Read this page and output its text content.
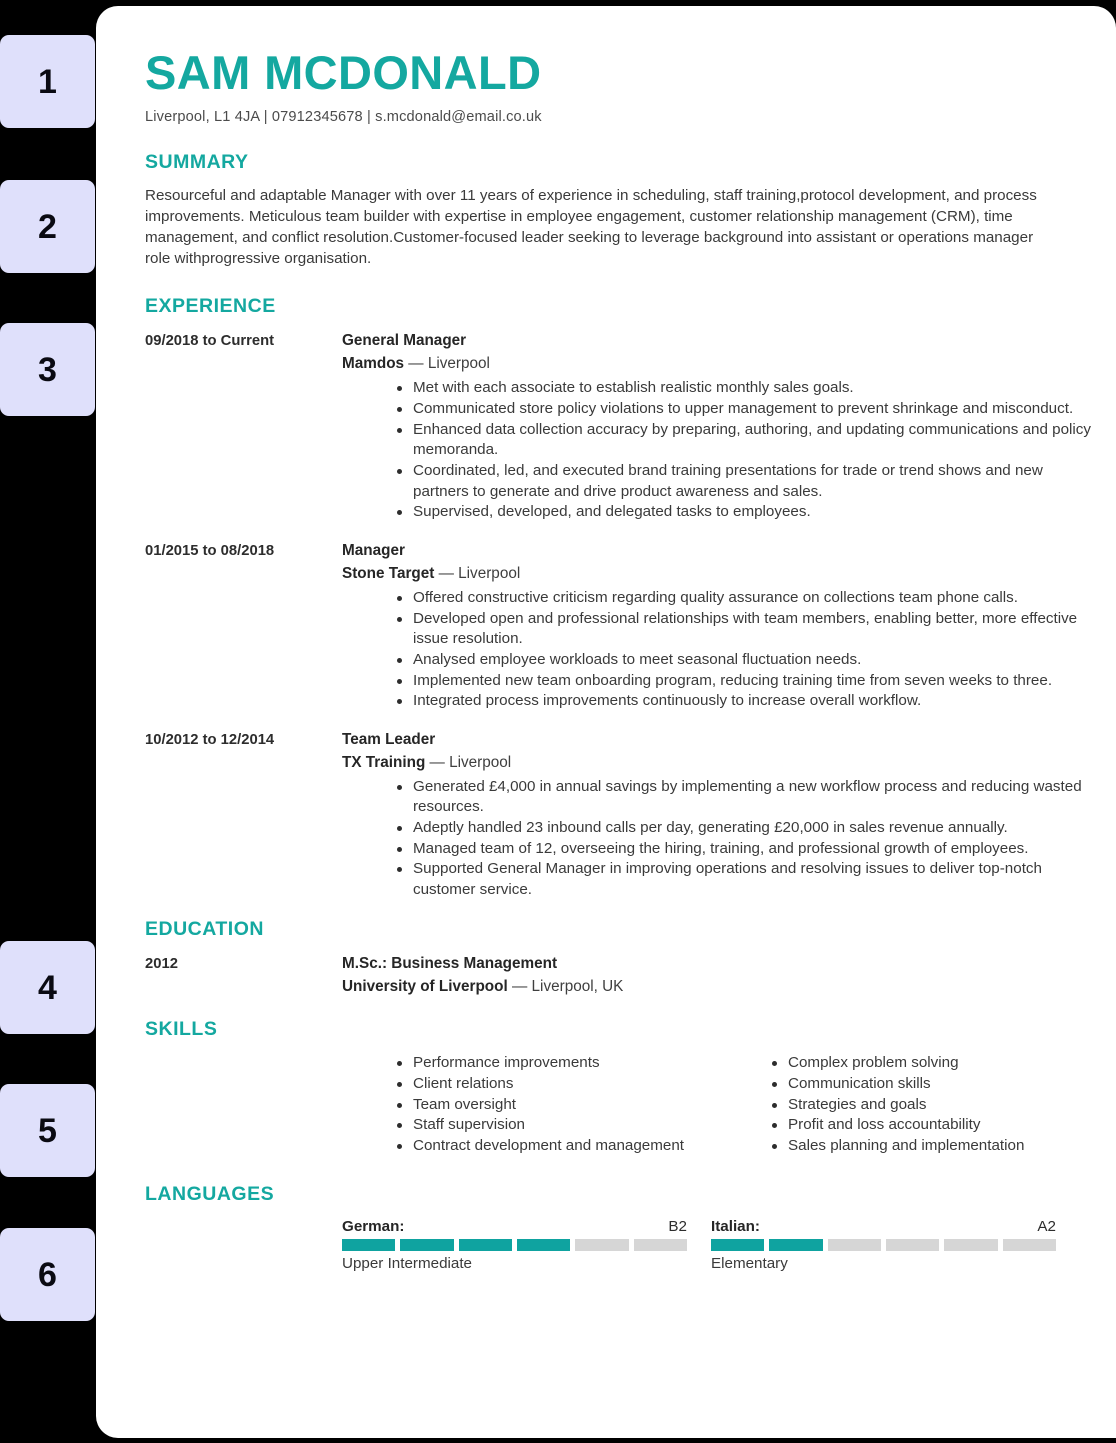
1
2
3
4
5
6
SAM MCDONALD
Liverpool, L1 4JA | 07912345678 | s.mcdonald@email.co.uk
SUMMARY
Resourceful and adaptable Manager with over 11 years of experience in scheduling, staff training,protocol development, and process improvements. Meticulous team builder with expertise in employee engagement, customer relationship management (CRM), time management, and conflict resolution.Customer-focused leader seeking to leverage background into assistant or operations manager role withprogressive organisation.
EXPERIENCE
09/2018 to Current	General Manager
Mamdos — Liverpool
Met with each associate to establish realistic monthly sales goals.
Communicated store policy violations to upper management to prevent shrinkage and misconduct.
Enhanced data collection accuracy by preparing, authoring, and updating communications and policy memoranda.
Coordinated, led, and executed brand training presentations for trade or trend shows and new partners to generate and drive product awareness and sales.
Supervised, developed, and delegated tasks to employees.
01/2015 to 08/2018	Manager
Stone Target — Liverpool
Offered constructive criticism regarding quality assurance on collections team phone calls.
Developed open and professional relationships with team members, enabling better, more effective issue resolution.
Analysed employee workloads to meet seasonal fluctuation needs.
Implemented new team onboarding program, reducing training time from seven weeks to three.
Integrated process improvements continuously to increase overall workflow.
10/2012 to 12/2014	Team Leader
TX Training — Liverpool
Generated £4,000 in annual savings by implementing a new workflow process and reducing wasted resources.
Adeptly handled 23 inbound calls per day, generating £20,000 in sales revenue annually.
Managed team of 12, overseeing the hiring, training, and professional growth of employees.
Supported General Manager in improving operations and resolving issues to deliver top-notch customer service.
EDUCATION
2012	M.Sc.: Business Management
University of Liverpool — Liverpool, UK
SKILLS
Performance improvements
Client relations
Team oversight
Staff supervision
Contract development and management
Complex problem solving
Communication skills
Strategies and goals
Profit and loss accountability
Sales planning and implementation
LANGUAGES
German:	B2
Upper Intermediate
Italian:	A2
Elementary
